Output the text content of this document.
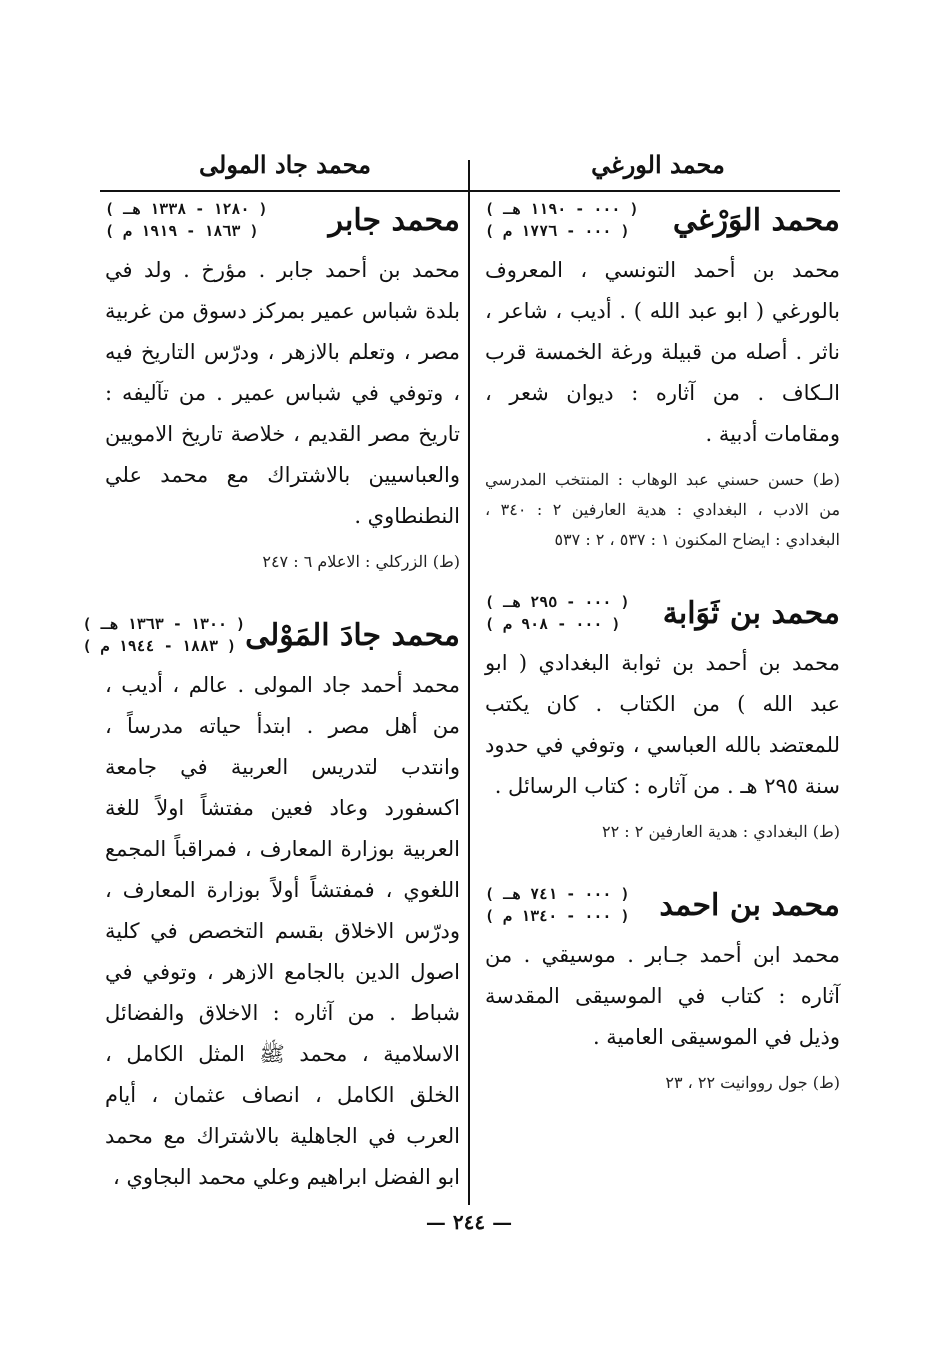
محمد الورغي
محمد جاد المولى
محمد الوَرْغي
( ٠٠٠ - ١١٩٠ هـ )
( ٠٠٠ - ١٧٧٦ م )

محمد بن أحمد التونسي ، المعروف بالورغي ( ابو عبد الله ) . أديب ، شاعر ، ناثر . أصله من قبيلة ورغة الخمسة قرب الـكاف . من آثاره : ديوان شعر ، ومقامات أدبية .

(ط) حسن حسني عبد الوهاب : المنتخب المدرسي من الادب ، البغدادي : هدية العارفين ٢ : ٣٤٠ ، البغدادي : ايضاح المكنون ١ : ٥٣٧ ، ٢ : ٥٣٧

محمد بن ثَوَابة
( ٠٠٠ - ٢٩٥ هـ )
( ٠٠٠ - ٩٠٨ م )

محمد بن أحمد بن ثوابة البغدادي ( ابو عبد الله ) من الكتاب . كان يكتب للمعتضد بالله العباسي ، وتوفي في حدود سنة ٢٩٥ هـ . من آثاره : كتاب الرسائل .

(ط) البغدادي : هدية العارفين ٢ : ٢٢

محمد بن احمد
( ٠٠٠ - ٧٤١ هـ )
( ٠٠٠ - ١٣٤٠ م )

محمد ابن أحمد جـابر . موسيقي . من آثاره : كتاب في الموسيقى المقدسة وذيل في الموسيقى العامية .

(ط) جول رووانيت ٢٢ ، ٢٣

محمد جابر
( ١٢٨٠ - ١٣٣٨ هـ )
( ١٨٦٣ - ١٩١٩ م )

محمد بن أحمد جابر . مؤرخ . ولد في بلدة شباس عمير بمركز دسوق من غربية مصر ، وتعلم بالازهر ، ودرّس التاريخ فيه ، وتوفي في شباس عمير . من تآليفه : تاريخ مصر القديم ، خلاصة تاريخ الامويين والعباسيين بالاشتراك مع محمد علي النطنطاوي .

(ط) الزركلي : الاعلام ٦ : ٢٤٧

محمد جادَ المَوْلى
( ١٣٠٠ - ١٣٦٣ هـ )
( ١٨٨٣ - ١٩٤٤ م )

محمد أحمد جاد المولى . عالم ، أديب ، من أهل مصر . ابتدأ حياته مدرساً ، وانتدب لتدريس العربية في جامعة اكسفورد وعاد فعين مفتشاً اولاً للغة العربية بوزارة المعارف ، فمراقباً المجمع اللغوي ، فمفتشاً أولاً بوزارة المعارف ، ودرّس الاخلاق بقسم التخصص في كلية اصول الدين بالجامع الازهر ، وتوفي في شباط . من آثاره : الاخلاق والفضائل الاسلامية ، محمد ﷺ المثل الكامل ، الخلق الكامل ، انصاف عثمان ، أيام العرب في الجاهلية بالاشتراك مع محمد ابو الفضل ابراهيم وعلي محمد البجاوي ،

— ٢٤٤ —
